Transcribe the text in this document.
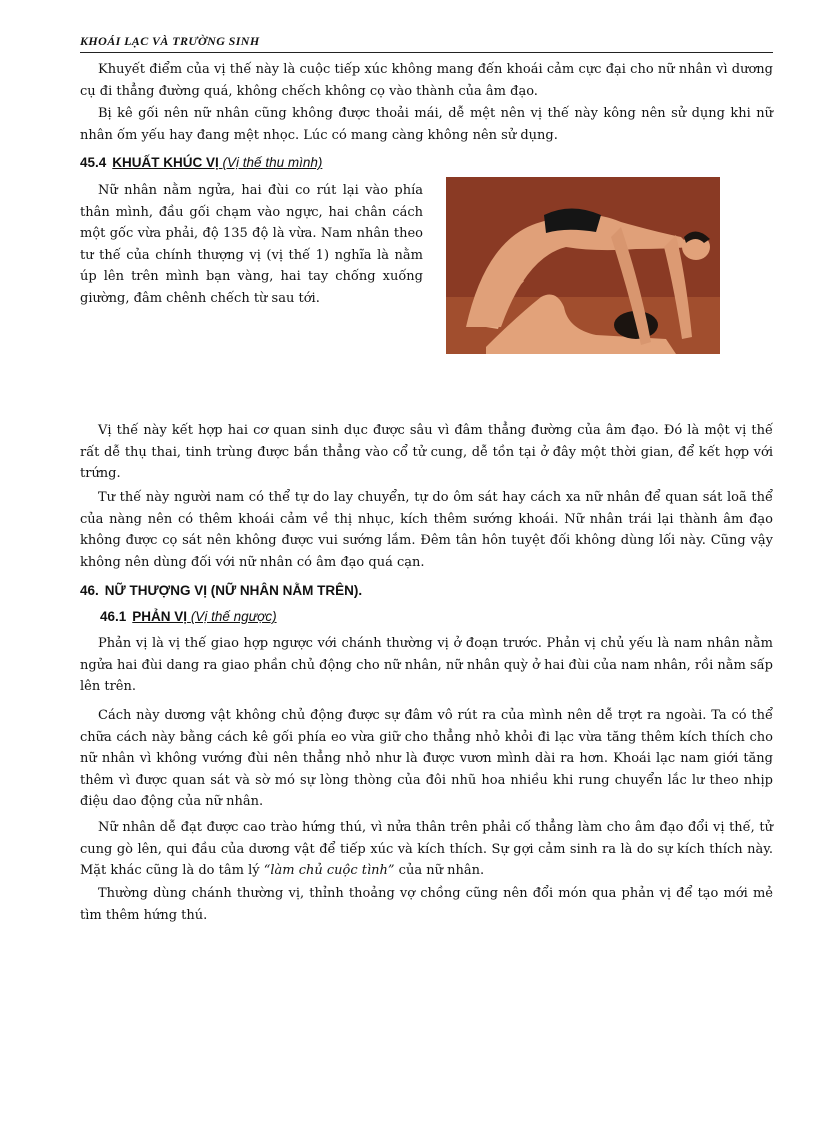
KHOÁI LẠC VÀ TRƯỜNG SINH

Khuyết điểm của vị thế này là cuộc tiếp xúc không mang đến khoái cảm cực đại cho nữ nhân vì dương cụ đi thẳng đường quá, không chếch không cọ vào thành của âm đạo.

Bị kê gối nên nữ nhân cũng không được thoải mái, dễ mệt nên vị thế này kông nên sử dụng khi nữ nhân ốm yếu hay đang mệt nhọc. Lúc có mang càng không nên sử dụng.

45.4 KHUẤT KHÚC VỊ (Vị thế thu mình)

Nữ nhân nằm ngửa, hai đùi co rút lại vào phía thân mình, đầu gối chạm vào ngực, hai chân cách một gốc vừa phải, độ 135 độ là vừa. Nam nhân theo tư thế của chính thượng vị (vị thế 1) nghĩa là nằm úp lên trên mình bạn vàng, hai tay chống xuống giường, đâm chênh chếch từ sau tới.

Vị thế này kết hợp hai cơ quan sinh dục được sâu vì đâm thẳng đường của âm đạo. Đó là một vị thế rất dễ thụ thai, tinh trùng được bắn thẳng vào cổ tử cung, dễ tồn tại ở đây một thời gian, để kết hợp với trứng.

Tư thế này người nam có thể tự do lay chuyển, tự do ôm sát hay cách xa nữ nhân để quan sát loã thể của nàng nên có thêm khoái cảm về thị nhục, kích thêm sướng khoái. Nữ nhân trái lại thành âm đạo không được cọ sát nên không được vui sướng lắm. Đêm tân hôn tuyệt đối không dùng lối này. Cũng vậy không nên dùng đối với nữ nhân có âm đạo quá cạn.

46. NỮ THƯỢNG VỊ (NỮ NHÂN NẰM TRÊN).
46.1 PHẢN VỊ (Vị thế ngược)

Phản vị là vị thế giao hợp ngược với chánh thường vị ở đoạn trước. Phản vị chủ yếu là nam nhân nằm ngửa hai đùi dang ra giao phần chủ động cho nữ nhân, nữ nhân quỳ ở hai đùi của nam nhân, rồi nằm sấp lên trên.

Cách này dương vật không chủ động được sự đâm vô rút ra của mình nên dễ trợt ra ngoài. Ta có thể chữa cách này bằng cách kê gối phía eo vừa giữ cho thẳng nhỏ khỏi đi lạc vừa tăng thêm kích thích cho nữ nhân vì không vướng đùi nên thẳng nhỏ như là được vươn mình dài ra hơn. Khoái lạc nam giới tăng thêm vì được quan sát và sờ mó sự lòng thòng của đôi nhũ hoa nhiều khi rung chuyển lắc lư theo nhịp điệu dao động của nữ nhân.

Nữ nhân dễ đạt được cao trào hứng thú, vì nửa thân trên phải cố thẳng làm cho âm đạo đổi vị thế, tử cung gò lên, qui đầu của dương vật để tiếp xúc và kích thích. Sự gợi cảm sinh ra là do sự kích thích này. Mặt khác cũng là do tâm lý “làm chủ cuộc tình” của nữ nhân.

Thường dùng chánh thường vị, thỉnh thoảng vợ chồng cũng nên đổi món qua phản vị để tạo mới mẻ tìm thêm hứng thú.
